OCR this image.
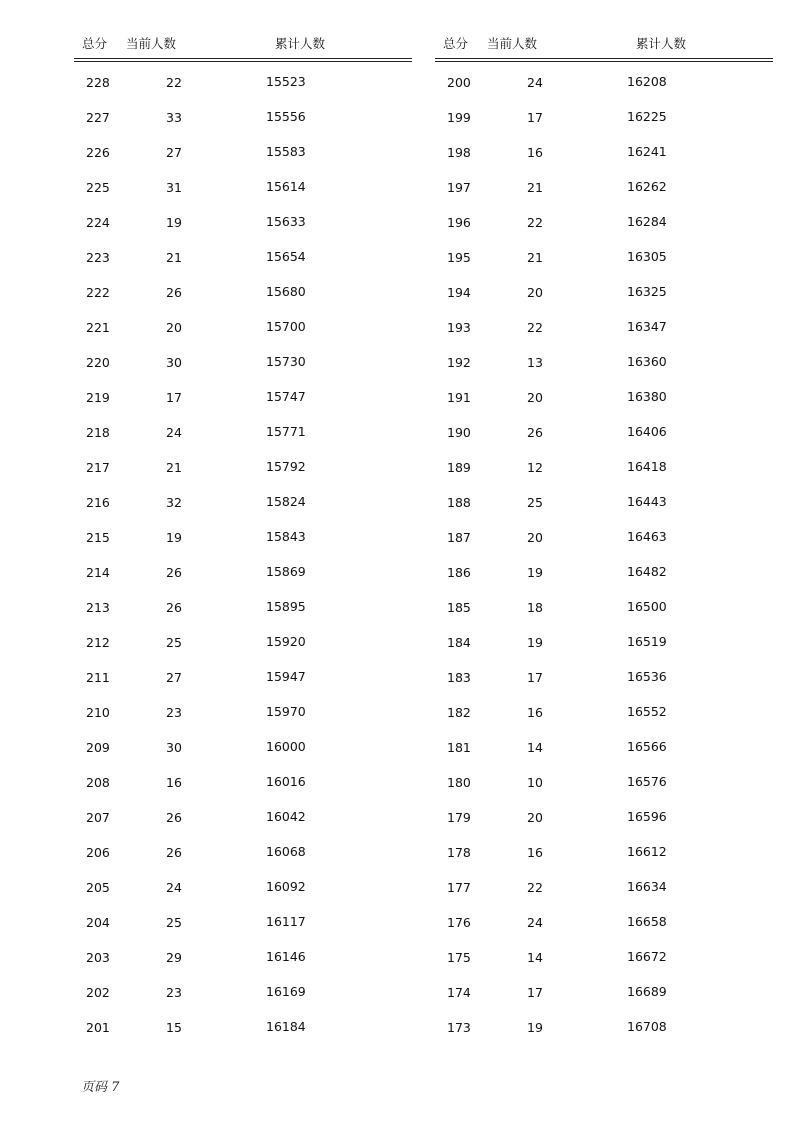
总分 当前人数	累计人数
228	22	15523
227	33	15556
226	27	15583
225	31	15614
224	19	15633
223	21	15654
222	26	15680
221	20	15700
220	30	15730
219	17	15747
218	24	15771
217	21	15792
216	32	15824
215	19	15843
214	26	15869
213	26	15895
212	25	15920
211	27	15947
210	23	15970
209	30	16000
208	16	16016
207	26	16042
206	26	16068
205	24	16092
204	25	16117
203	29	16146
202	23	16169
201	15	16184
总分 当前人数	累计人数
200	24	16208
199	17	16225
198	16	16241
197	21	16262
196	22	16284
195	21	16305
194	20	16325
193	22	16347
192	13	16360
191	20	16380
190	26	16406
189	12	16418
188	25	16443
187	20	16463
186	19	16482
185	18	16500
184	19	16519
183	17	16536
182	16	16552
181	14	16566
180	10	16576
179	20	16596
178	16	16612
177	22	16634
176	24	16658
175	14	16672
174	17	16689
173	19	16708
页码 7
